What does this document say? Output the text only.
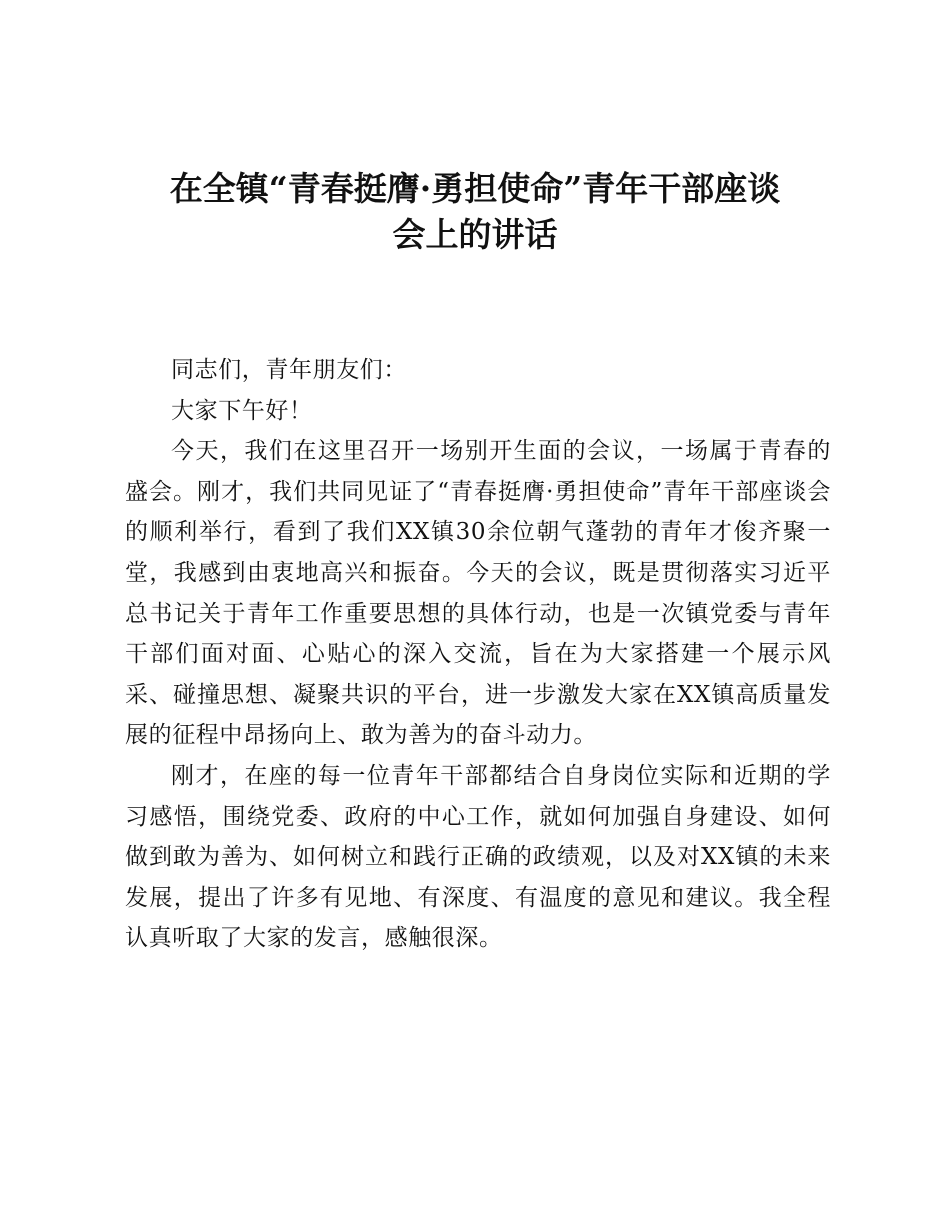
在全镇“青春挺膺·勇担使命”青年干部座谈
会上的讲话

同志们，青年朋友们：

大家下午好！

今天，我们在这里召开一场别开生面的会议，一场属于青春的盛会。刚才，我们共同见证了“青春挺膺·勇担使命”青年干部座谈会的顺利举行，看到了我们XX镇30余位朝气蓬勃的青年才俊齐聚一堂，我感到由衷地高兴和振奋。今天的会议，既是贯彻落实习近平总书记关于青年工作重要思想的具体行动，也是一次镇党委与青年干部们面对面、心贴心的深入交流，旨在为大家搭建一个展示风采、碰撞思想、凝聚共识的平台，进一步激发大家在XX镇高质量发展的征程中昂扬向上、敢为善为的奋斗动力。

刚才，在座的每一位青年干部都结合自身岗位实际和近期的学习感悟，围绕党委、政府的中心工作，就如何加强自身建设、如何做到敢为善为、如何树立和践行正确的政绩观，以及对XX镇的未来发展，提出了许多有见地、有深度、有温度的意见和建议。我全程认真听取了大家的发言，感触很深。
